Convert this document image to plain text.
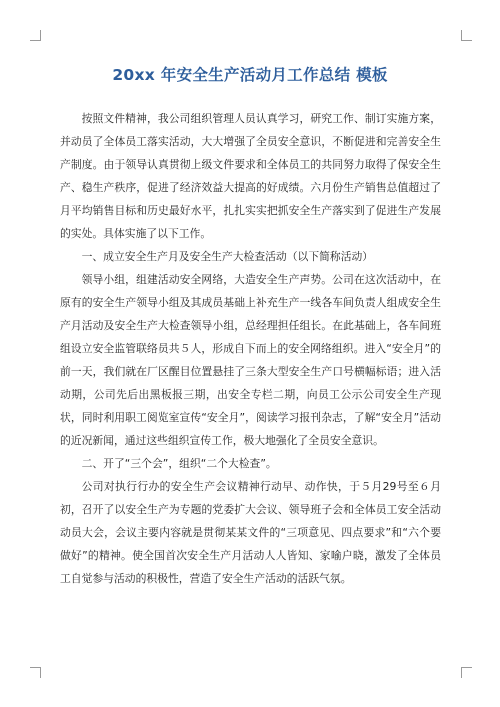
20xx 年安全生产活动月工作总结 模板

按照文件精神，我公司组织管理人员认真学习，研究工作、制订实施方案，并动员了全体员工落实活动，大大增强了全员安全意识，不断促进和完善安全生产制度。由于领导认真贯彻上级文件要求和全体员工的共同努力取得了保安全生产、稳生产秩序，促进了经济效益大提高的好成绩。六月份生产销售总值超过了月平均销售目标和历史最好水平，扎扎实实把抓安全生产落实到了促进生产发展的实处。具体实施了以下工作。

一、成立安全生产月及安全生产大检查活动（以下简称活动）

领导小组，组建活动安全网络，大造安全生产声势。公司在这次活动中，在原有的安全生产领导小组及其成员基础上补充生产一线各车间负责人组成安全生产月活动及安全生产大检查领导小组，总经理担任组长。在此基础上，各车间班组设立安全监管联络员共５人，形成自下而上的安全网络组织。进入“安全月”的前一天，我们就在厂区醒目位置悬挂了三条大型安全生产口号横幅标语；进入活动期，公司先后出黑板报三期，出安全专栏二期，向员工公示公司安全生产现状，同时利用职工阅览室宣传“安全月”，阅读学习报刊杂志，了解“安全月”活动的近况新闻，通过这些组织宣传工作，极大地强化了全员安全意识。

二、开了“三个会”，组织“二个大检查”。

公司对执行行办的安全生产会议精神行动早、动作快，于５月29号至６月初，召开了以安全生产为专题的党委扩大会议、领导班子会和全体员工安全活动动员大会，会议主要内容就是贯彻某某文件的“三项意见、四点要求”和“六个要做好”的精神。使全国首次安全生产月活动人人皆知、家喻户晓，激发了全体员工自觉参与活动的积极性，营造了安全生产活动的活跃气氛。
